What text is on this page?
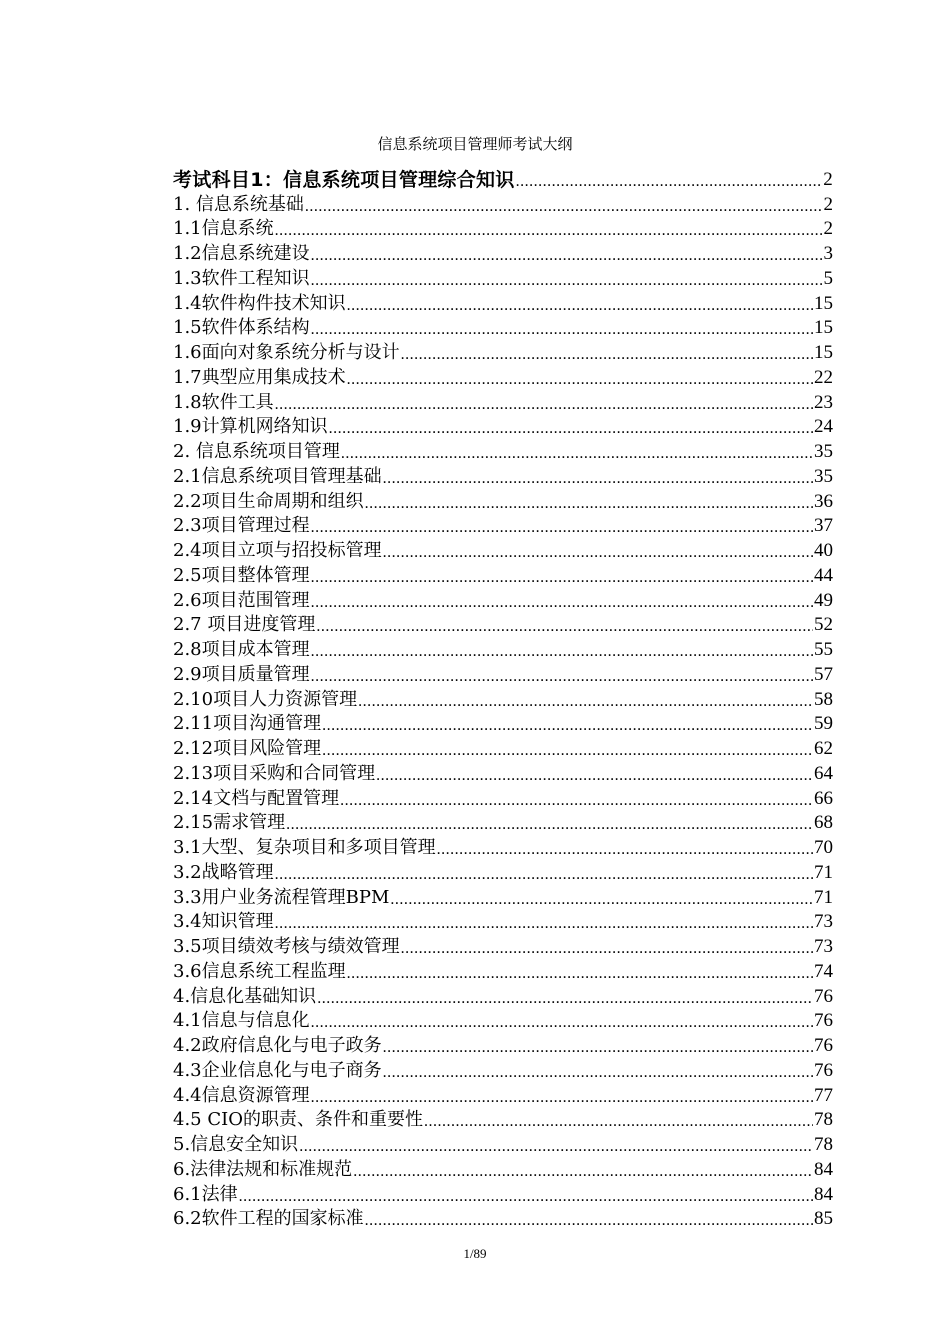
信息系统项目管理师考试大纲
考试科目1：信息系统项目管理综合知识 .....	2
1. 信息系统基础 .....	2
1.1信息系统 .....	2
1.2信息系统建设 .....	3
1.3软件工程知识 .....	5
1.4软件构件技术知识 .....	15
1.5软件体系结构 .....	15
1.6面向对象系统分析与设计 .....	15
1.7典型应用集成技术 .....	22
1.8软件工具 .....	23
1.9计算机网络知识 .....	24
2. 信息系统项目管理 .....	35
2.1信息系统项目管理基础 .....	35
2.2项目生命周期和组织 .....	36
2.3项目管理过程 .....	37
2.4项目立项与招投标管理 .....	40
2.5项目整体管理 .....	44
2.6项目范围管理 .....	49
2.7 项目进度管理 .....	52
2.8项目成本管理 .....	55
2.9项目质量管理 .....	57
2.10项目人力资源管理 .....	58
2.11项目沟通管理 .....	59
2.12项目风险管理 .....	62
2.13项目采购和合同管理 .....	64
2.14文档与配置管理 .....	66
2.15需求管理 .....	68
3.1大型、复杂项目和多项目管理 .....	70
3.2战略管理 .....	71
3.3用户业务流程管理BPM .....	71
3.4知识管理 .....	73
3.5项目绩效考核与绩效管理 .....	73
3.6信息系统工程监理 .....	74
4.信息化基础知识 .....	76
4.1信息与信息化 .....	76
4.2政府信息化与电子政务 .....	76
4.3企业信息化与电子商务 .....	76
4.4信息资源管理 .....	77
4.5 CIO的职责、条件和重要性 .....	78
5.信息安全知识 .....	78
6.法律法规和标准规范 .....	84
6.1法律 .....	84
6.2软件工程的国家标准 .....	85
1/89
